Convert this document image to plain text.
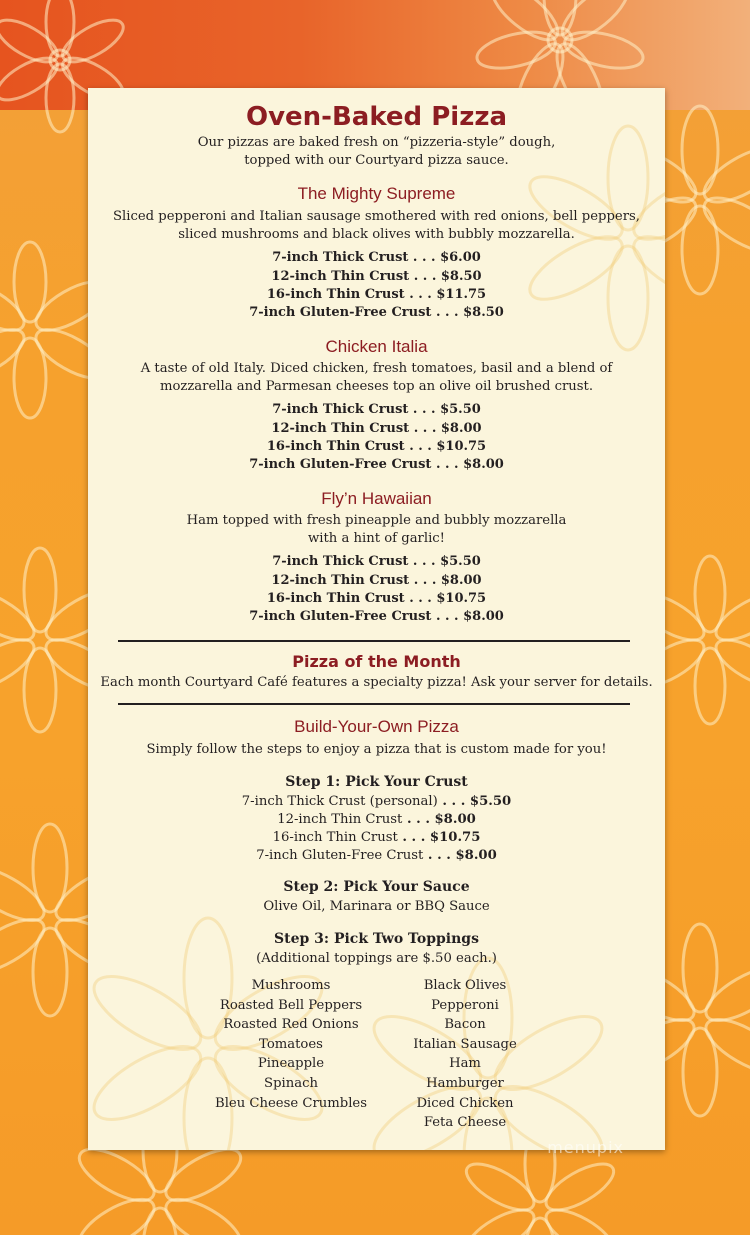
Oven-Baked Pizza
Our pizzas are baked fresh on “pizzeria-style” dough,
topped with our Courtyard pizza sauce.
The Mighty Supreme
Sliced pepperoni and Italian sausage smothered with red onions, bell peppers,
sliced mushrooms and black olives with bubbly mozzarella.
7-inch Thick Crust . . . $6.00
12-inch Thin Crust . . . $8.50
16-inch Thin Crust . . . $11.75
7-inch Gluten-Free Crust . . . $8.50
Chicken Italia
A taste of old Italy. Diced chicken, fresh tomatoes, basil and a blend of
mozzarella and Parmesan cheeses top an olive oil brushed crust.
7-inch Thick Crust . . . $5.50
12-inch Thin Crust . . . $8.00
16-inch Thin Crust . . . $10.75
7-inch Gluten-Free Crust . . . $8.00
Fly’n Hawaiian
Ham topped with fresh pineapple and bubbly mozzarella
with a hint of garlic!
7-inch Thick Crust . . . $5.50
12-inch Thin Crust . . . $8.00
16-inch Thin Crust . . . $10.75
7-inch Gluten-Free Crust . . . $8.00
Pizza of the Month
Each month Courtyard Café features a specialty pizza! Ask your server for details.
Build-Your-Own Pizza
Simply follow the steps to enjoy a pizza that is custom made for you!
Step 1: Pick Your Crust
7-inch Thick Crust (personal) . . . $5.50
12-inch Thin Crust . . . $8.00
16-inch Thin Crust . . . $10.75
7-inch Gluten-Free Crust . . . $8.00
Step 2: Pick Your Sauce
Olive Oil, Marinara or BBQ Sauce
Step 3: Pick Two Toppings
(Additional toppings are $.50 each.)
Mushrooms
Roasted Bell Peppers
Roasted Red Onions
Tomatoes
Pineapple
Spinach
Bleu Cheese Crumbles
Black Olives
Pepperoni
Bacon
Italian Sausage
Ham
Hamburger
Diced Chicken
Feta Cheese
menupix
